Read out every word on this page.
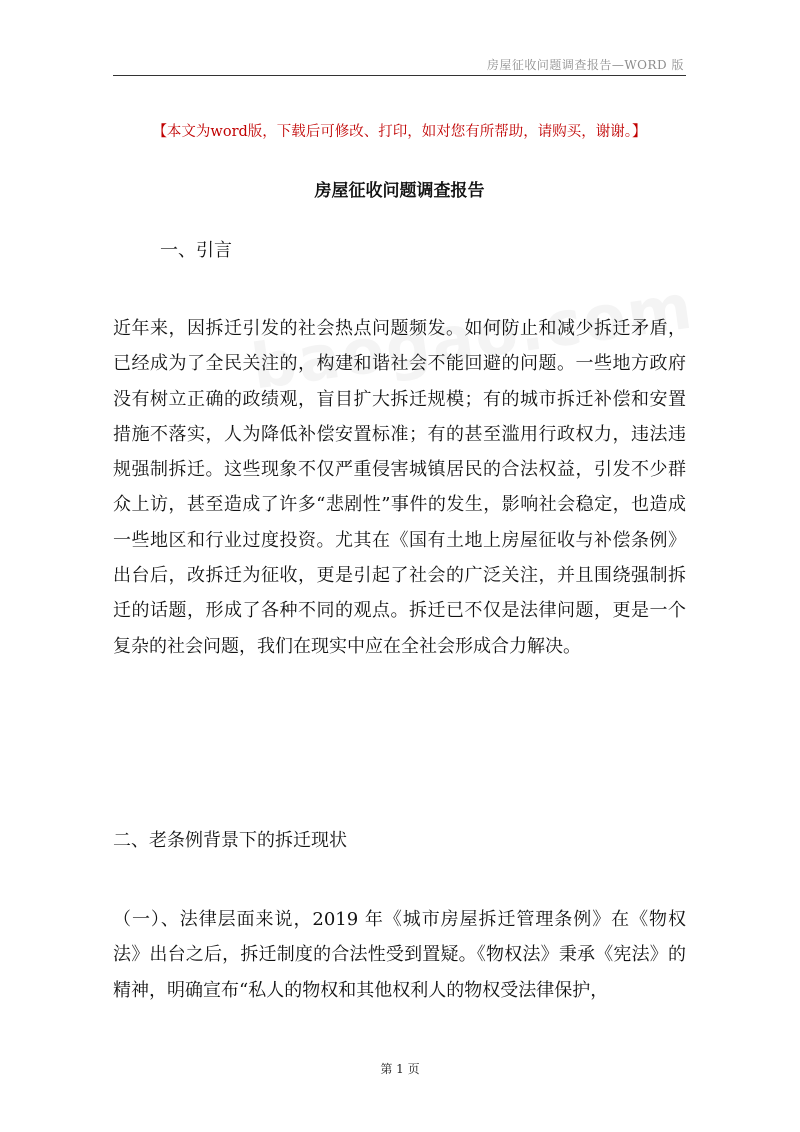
房屋征收问题调查报告—WORD 版
【本文为word版，下载后可修改、打印，如对您有所帮助，请购买，谢谢。】
房屋征收问题调查报告
一、引言

近年来，因拆迁引发的社会热点问题频发。如何防止和减少拆迁矛盾，已经成为了全民关注的，构建和谐社会不能回避的问题。一些地方政府没有树立正确的政绩观，盲目扩大拆迁规模；有的城市拆迁补偿和安置措施不落实，人为降低补偿安置标准；有的甚至滥用行政权力，违法违规强制拆迁。这些现象不仅严重侵害城镇居民的合法权益，引发不少群众上访，甚至造成了许多“悲剧性”事件的发生，影响社会稳定，也造成一些地区和行业过度投资。尤其在《国有土地上房屋征收与补偿条例》出台后，改拆迁为征收，更是引起了社会的广泛关注，并且围绕强制拆迁的话题，形成了各种不同的观点。拆迁已不仅是法律问题，更是一个复杂的社会问题，我们在现实中应在全社会形成合力解决。

二、老条例背景下的拆迁现状

（一）、法律层面来说，2019 年《城市房屋拆迁管理条例》在《物权法》出台之后，拆迁制度的合法性受到置疑。《物权法》秉承《宪法》的精神，明确宣布“私人的物权和其他权利人的物权受法律保护，

第 1 页
